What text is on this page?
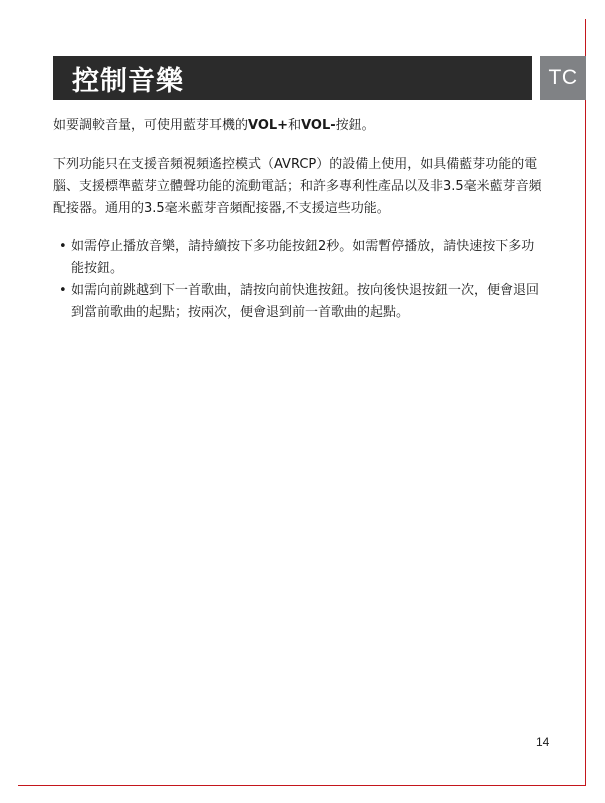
控制音樂	TC

如要調較音量，可使用藍芽耳機的VOL+和VOL-按鈕。

下列功能只在支援音頻視頻遙控模式（AVRCP）的設備上使用，如具備藍芽功能的電腦、支援標準藍芽立體聲功能的流動電話；和許多專利性產品以及非3.5毫米藍芽音頻配接器。通用的3.5毫米藍芽音頻配接器,不支援這些功能。

• 如需停止播放音樂，請持續按下多功能按鈕2秒。如需暫停播放，請快速按下多功能按鈕。
• 如需向前跳越到下一首歌曲，請按向前快進按鈕。按向後快退按鈕一次，便會退回到當前歌曲的起點；按兩次，便會退到前一首歌曲的起點。
14
